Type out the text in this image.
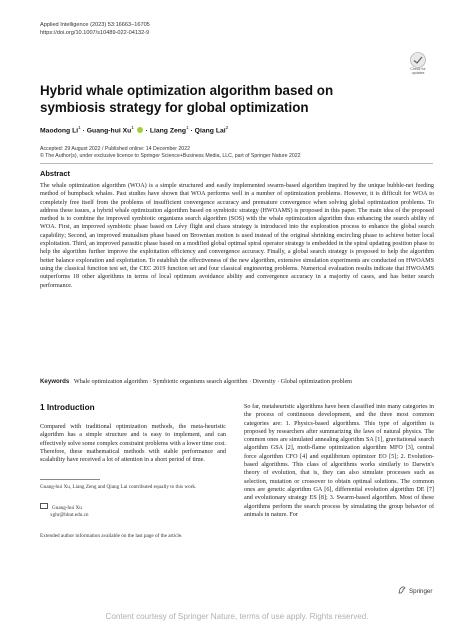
Applied Intelligence (2023) 53:16663–16705
https://doi.org/10.1007/s10489-022-04132-9
Check for
updates
Hybrid whale optimization algorithm based on symbiosis strategy for global optimization
Maodong $Li^1$ · Guang-hui Xu$^1$  · Liang Zeng$^1$ · Qiang Lai$^2$
Accepted: 29 August 2022 / Published online: 14 December 2022
© The Author(s), under exclusive licence to Springer Science+Business Media, LLC, part of Springer Nature 2022
Abstract
The whale optimization algorithm (WOA) is a simple structured and easily implemented swarm-based algorithm inspired by the unique bubble-net feeding method of humpback whales. Past studies have shown that WOA performs well in a number of optimization problems. However, it is difficult for WOA to completely free itself from the problems of insufficient convergence accuracy and premature convergence when solving global optimization problems. To address these issues, a hybrid whale optimization algorithm based on symbiotic strategy (HWOAMS) is proposed in this paper. The main idea of the proposed method is to combine the improved symbiotic organisms search algorithm (SOS) with the whale optimization algorithm thus enhancing the search ability of WOA. First, an improved symbiotic phase based on Lévy flight and chaos strategy is introduced into the exploration process to enhance the global search capability; Second, an improved mutualism phase based on Brownian motion is used instead of the original shrinking encircling phase to achieve better local exploitation. Third, an improved parasitic phase based on a modified global optimal spiral operator strategy is embedded in the spiral updating position phase to help the algorithm further improve the exploitation efficiency and convergence accuracy. Finally, a global search strategy is proposed to help the algorithm better balance exploration and exploitation. To establish the effectiveness of the new algorithm, extensive simulation experiments are conducted on HWOAMS using the classical function test set, the CEC 2019 function set and four classical engineering problems. Numerical evaluation results indicate that HWOAMS outperforms 18 other algorithms in terms of local optimum avoidance ability and convergence accuracy in a majority of cases, and has better search performance.
Keywords Whale optimization algorithm · Symbiotic organisms search algorithm · Diversity · Global optimization problem
1 Introduction
Compared with traditional optimization methods, the meta-heuristic algorithm has a simple structure and is easy to implement, and can effectively solve some complex constraint problems with a lower time cost. Therefore, these mathematical methods with stable performance and scalability have received a lot of attention in a short period of time.
Guang-hui Xu, Liang Zeng and Qiang Lai contributed equally to this work.
Guang-hui Xu
xghr@hbut.edu.cn
Extended author information available on the last page of the article.
So far, metaheuristic algorithms have been classified into many categories in the process of continuous development, and the three most common categories are: 1. Physics-based algorithms. This type of algorithm is proposed by researchers after summarizing the laws of natural physics. The common ones are simulated annealing algorithm SA [1], gravitational search algorithm GSA [2], moth-flame optimization algorithm MFO [3], central force algorithm CFO [4] and equilibrium optimizer EO [5]; 2. Evolution-based algorithms. This class of algorithms works similarly to Darwin's theory of evolution, that is, they can also simulate processes such as selection, mutation or crossover to obtain optimal solutions. The common ones are genetic algorithm GA [6], differential evolution algorithm DE [7] and evolutionary strategy ES [8]; 3. Swarm-based algorithm. Most of these algorithms perform the search process by simulating the group behavior of animals in nature. For
Springer
Content courtesy of Springer Nature, terms of use apply. Rights reserved.
